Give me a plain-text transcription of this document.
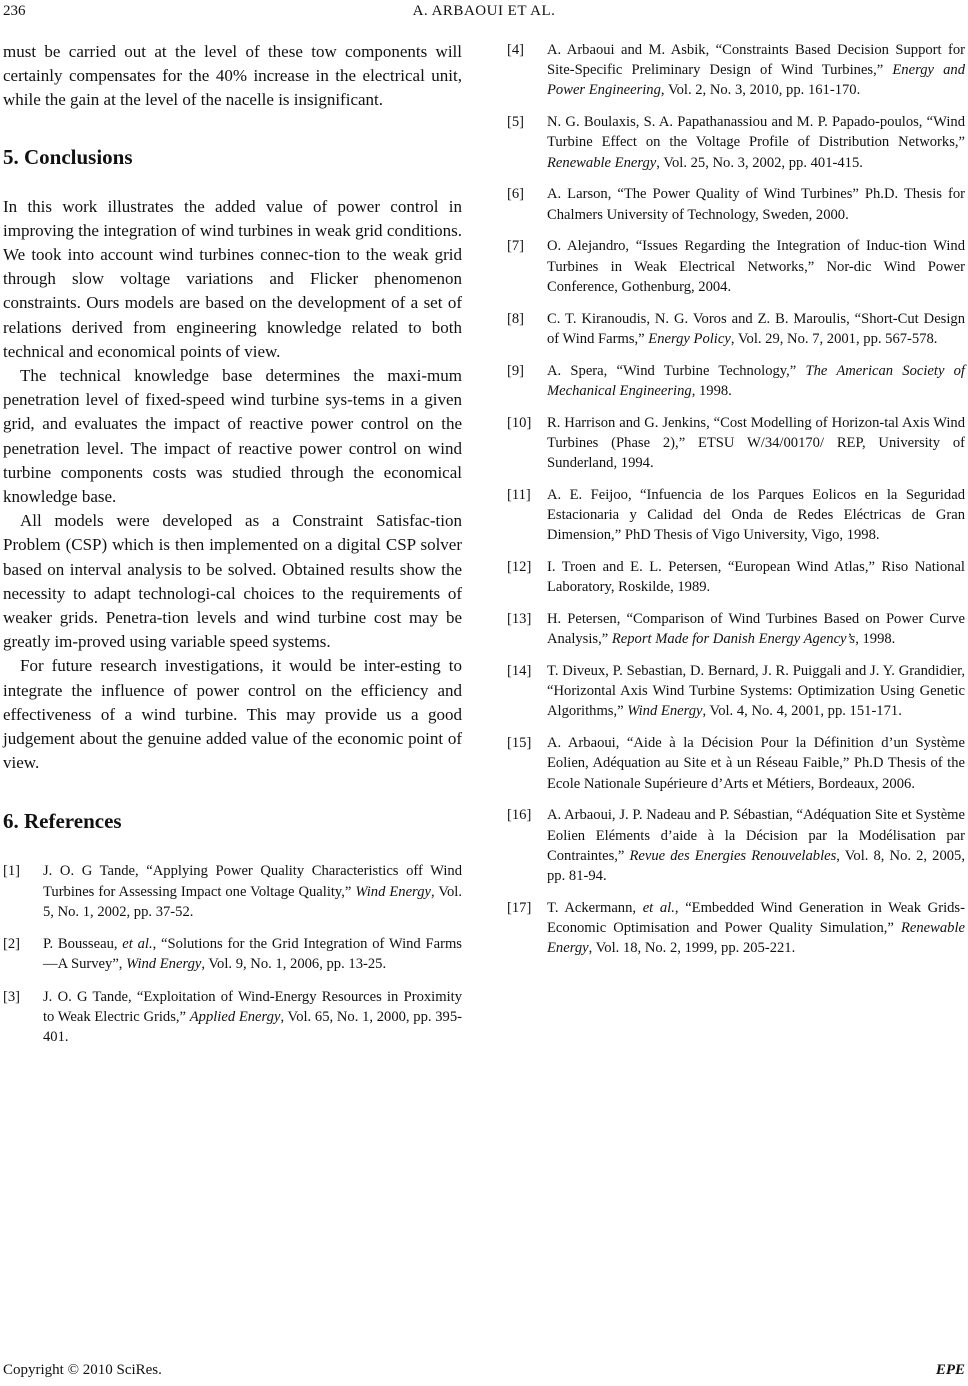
236	A. ARBAOUI ET AL.

must be carried out at the level of these tow components will certainly compensates for the 40% increase in the electrical unit, while the gain at the level of the nacelle is insignificant.

5. Conclusions

In this work illustrates the added value of power control in improving the integration of wind turbines in weak grid conditions. We took into account wind turbines connec-tion to the weak grid through slow voltage variations and Flicker phenomenon constraints. Ours models are based on the development of a set of relations derived from engineering knowledge related to both technical and economical points of view.

The technical knowledge base determines the maxi-mum penetration level of fixed-speed wind turbine sys-tems in a given grid, and evaluates the impact of reactive power control on the penetration level. The impact of reactive power control on wind turbine components costs was studied through the economical knowledge base.

All models were developed as a Constraint Satisfac-tion Problem (CSP) which is then implemented on a digital CSP solver based on interval analysis to be solved. Obtained results show the necessity to adapt technologi-cal choices to the requirements of weaker grids. Penetra-tion levels and wind turbine cost may be greatly im-proved using variable speed systems.

For future research investigations, it would be inter-esting to integrate the influence of power control on the efficiency and effectiveness of a wind turbine. This may provide us a good judgement about the genuine added value of the economic point of view.

6. References
[1]	J. O. G Tande, “Applying Power Quality Characteristics off Wind Turbines for Assessing Impact one Voltage Quality,” Wind Energy, Vol. 5, No. 1, 2002, pp. 37-52.
[2]	P. Bousseau, et al., “Solutions for the Grid Integration of Wind Farms—A Survey”, Wind Energy, Vol. 9, No. 1, 2006, pp. 13-25.
[3]	J. O. G Tande, “Exploitation of Wind-Energy Resources in Proximity to Weak Electric Grids,” Applied Energy, Vol. 65, No. 1, 2000, pp. 395-401.
[4]	A. Arbaoui and M. Asbik, “Constraints Based Decision Support for Site-Specific Preliminary Design of Wind Turbines,” Energy and Power Engineering, Vol. 2, No. 3, 2010, pp. 161-170.
[5]	N. G. Boulaxis, S. A. Papathanassiou and M. P. Papado-poulos, “Wind Turbine Effect on the Voltage Profile of Distribution Networks,” Renewable Energy, Vol. 25, No. 3, 2002, pp. 401-415.
[6]	A. Larson, “The Power Quality of Wind Turbines” Ph.D. Thesis for Chalmers University of Technology, Sweden, 2000.
[7]	O. Alejandro, “Issues Regarding the Integration of Induc-tion Wind Turbines in Weak Electrical Networks,” Nor-dic Wind Power Conference, Gothenburg, 2004.
[8]	C. T. Kiranoudis, N. G. Voros and Z. B. Maroulis, “Short-Cut Design of Wind Farms,” Energy Policy, Vol. 29, No. 7, 2001, pp. 567-578.
[9]	A. Spera, “Wind Turbine Technology,” The American Society of Mechanical Engineering, 1998.
[10]	R. Harrison and G. Jenkins, “Cost Modelling of Horizon-tal Axis Wind Turbines (Phase 2),” ETSU W/34/00170/ REP, University of Sunderland, 1994.
[11]	A. E. Feijoo, “Infuencia de los Parques Eolicos en la Seguridad Estacionaria y Calidad del Onda de Redes Eléctricas de Gran Dimension,” PhD Thesis of Vigo University, Vigo, 1998.
[12]	I. Troen and E. L. Petersen, “European Wind Atlas,” Riso National Laboratory, Roskilde, 1989.
[13]	H. Petersen, “Comparison of Wind Turbines Based on Power Curve Analysis,” Report Made for Danish Energy Agency’s, 1998.
[14]	T. Diveux, P. Sebastian, D. Bernard, J. R. Puiggali and J. Y. Grandidier, “Horizontal Axis Wind Turbine Systems: Optimization Using Genetic Algorithms,” Wind Energy, Vol. 4, No. 4, 2001, pp. 151-171.
[15]	A. Arbaoui, “Aide à la Décision Pour la Définition d’un Système Eolien, Adéquation au Site et à un Réseau Faible,” Ph.D Thesis of the Ecole Nationale Supérieure d’Arts et Métiers, Bordeaux, 2006.
[16]	A. Arbaoui, J. P. Nadeau and P. Sébastian, “Adéquation Site et Système Eolien Eléments d’aide à la Décision par la Modélisation par Contraintes,” Revue des Energies Renouvelables, Vol. 8, No. 2, 2005, pp. 81-94.
[17]	T. Ackermann, et al., “Embedded Wind Generation in Weak Grids-Economic Optimisation and Power Quality Simulation,” Renewable Energy, Vol. 18, No. 2, 1999, pp. 205-221.
Copyright © 2010 SciRes.	EPE
